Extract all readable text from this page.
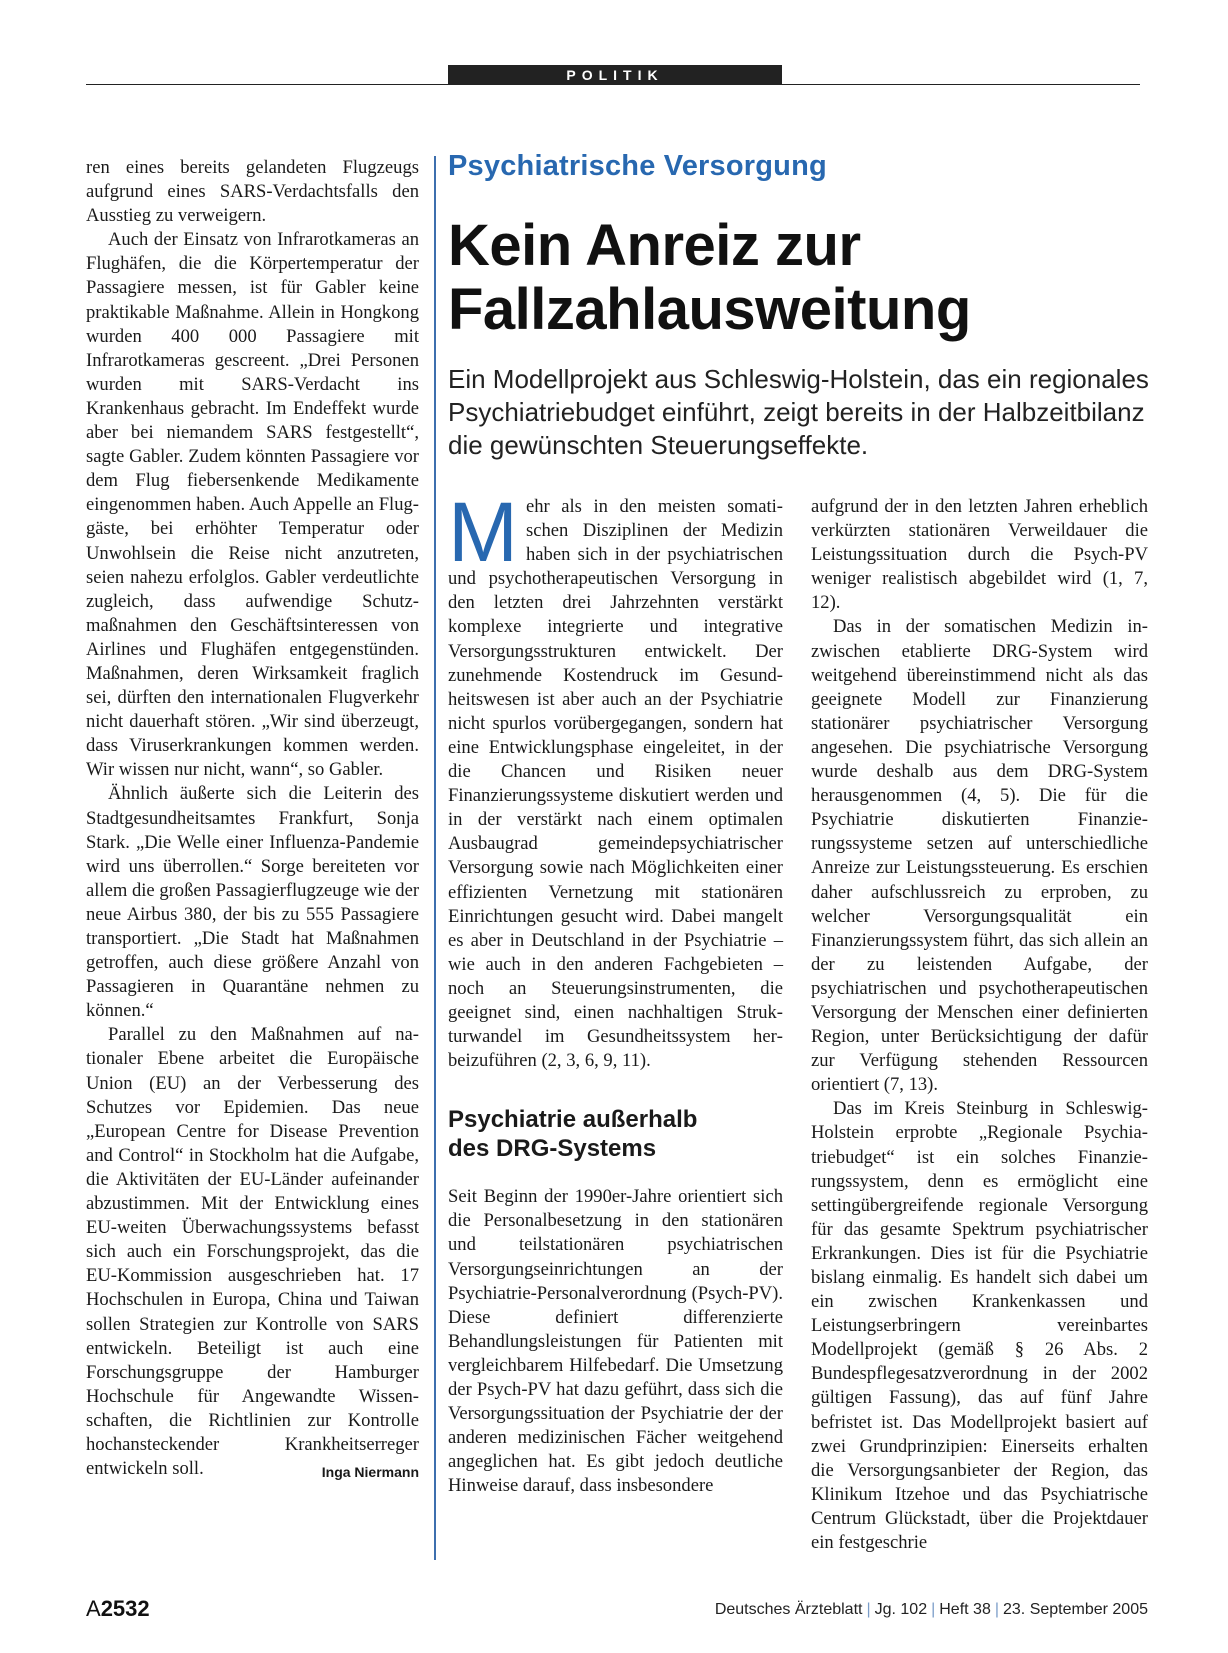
POLITIK

ren eines bereits gelandeten Flugzeugs aufgrund eines SARS-Verdachtsfalls den Ausstieg zu verweigern.

Auch der Einsatz von Infrarotkameras an Flughäfen, die die Körpertemperatur der Passagiere messen, ist für Gabler keine praktikable Maßnahme. Allein in Hongkong wurden 400 000 Passagiere mit Infrarotkameras gescreent. „Drei Personen wurden mit SARS-Verdacht ins Krankenhaus gebracht. Im Endeffekt wurde aber bei niemandem SARS festgestellt“, sagte Gabler. Zudem könnten Passagiere vor dem Flug fiebersenkende Medikamente eingenommen haben. Auch Appelle an Fluggäste, bei erhöhter Temperatur oder Unwohlsein die Reise nicht anzutreten, seien nahezu erfolglos. Gabler verdeutlichte zugleich, dass aufwendige Schutzmaßnahmen den Geschäftsinteressen von Airlines und Flughäfen entgegenstünden. Maßnahmen, deren Wirksamkeit fraglich sei, dürften den internationalen Flugverkehr nicht dauerhaft stören. „Wir sind überzeugt, dass Viruserkrankungen kommen werden. Wir wissen nur nicht, wann“, so Gabler.

Ähnlich äußerte sich die Leiterin des Stadtgesundheitsamtes Frankfurt, Sonja Stark. „Die Welle einer Influenza-Pandemie wird uns überrollen.“ Sorge bereiteten vor allem die großen Passagierflugzeuge wie der neue Airbus 380, der bis zu 555 Passagiere transportiert. „Die Stadt hat Maßnahmen getroffen, auch diese größere Anzahl von Passagieren in Quarantäne nehmen zu können.“

Parallel zu den Maßnahmen auf nationaler Ebene arbeitet die Europäische Union (EU) an der Verbesserung des Schutzes vor Epidemien. Das neue „European Centre for Disease Prevention and Control“ in Stockholm hat die Aufgabe, die Aktivitäten der EU-Länder aufeinander abzustimmen. Mit der Entwicklung eines EU-weiten Überwachungssystems befasst sich auch ein Forschungsprojekt, das die EU-Kommission ausgeschrieben hat. 17 Hochschulen in Europa, China und Taiwan sollen Strategien zur Kontrolle von SARS entwickeln. Beteiligt ist auch eine Forschungsgruppe der Hamburger Hochschule für Angewandte Wissenschaften, die Richtlinien zur Kontrolle hochansteckender Krankheitserreger entwickeln soll.	Inga Niermann

Psychiatrische Versorgung
Kein Anreiz zur
Fallzahlausweitung
Ein Modellprojekt aus Schleswig-Holstein, das ein regionales
Psychiatriebudget einführt, zeigt bereits in der Halbzeitbilanz
die gewünschten Steuerungseffekte.

Mehr als in den meisten somatischen Disziplinen der Medizin haben sich in der psychiatrischen und psychotherapeutischen Versorgung in den letzten drei Jahrzehnten verstärkt komplexe integrierte und integrative Versorgungsstrukturen entwickelt. Der zunehmende Kostendruck im Gesundheitswesen ist aber auch an der Psychiatrie nicht spurlos vorübergegangen, sondern hat eine Entwicklungsphase eingeleitet, in der die Chancen und Risiken neuer Finanzierungssysteme diskutiert werden und in der verstärkt nach einem optimalen Ausbaugrad gemeindepsychiatrischer Versorgung sowie nach Möglichkeiten einer effizienten Vernetzung mit stationären Einrichtungen gesucht wird. Dabei mangelt es aber in Deutschland in der Psychiatrie – wie auch in den anderen Fachgebieten – noch an Steuerungsinstrumenten, die geeignet sind, einen nachhaltigen Strukturwandel im Gesundheitssystem herbeizuführen (2, 3, 6, 9, 11).

Psychiatrie außerhalb
des DRG-Systems

Seit Beginn der 1990er-Jahre orientiert sich die Personalbesetzung in den stationären und teilstationären psychiatrischen Versorgungseinrichtungen an der Psychiatrie-Personalverordnung (Psych-PV). Diese definiert differenzierte Behandlungsleistungen für Patienten mit vergleichbarem Hilfebedarf. Die Umsetzung der Psych-PV hat dazu geführt, dass sich die Versorgungssituation der Psychiatrie der der anderen medizinischen Fächer weitgehend angeglichen hat. Es gibt jedoch deutliche Hinweise darauf, dass insbesondere

aufgrund der in den letzten Jahren erheblich verkürzten stationären Verweildauer die Leistungssituation durch die Psych-PV weniger realistisch abgebildet wird (1, 7, 12).

Das in der somatischen Medizin inzwischen etablierte DRG-System wird weitgehend übereinstimmend nicht als das geeignete Modell zur Finanzierung stationärer psychiatrischer Versorgung angesehen. Die psychiatrische Versorgung wurde deshalb aus dem DRG-System herausgenommen (4, 5). Die für die Psychiatrie diskutierten Finanzierungssysteme setzen auf unterschiedliche Anreize zur Leistungssteuerung. Es erschien daher aufschlussreich zu erproben, zu welcher Versorgungsqualität ein Finanzierungssystem führt, das sich allein an der zu leistenden Aufgabe, der psychiatrischen und psychotherapeutischen Versorgung der Menschen einer definierten Region, unter Berücksichtigung der dafür zur Verfügung stehenden Ressourcen orientiert (7, 13).

Das im Kreis Steinburg in Schleswig-Holstein erprobte „Regionale Psychiatriebudget“ ist ein solches Finanzierungssystem, denn es ermöglicht eine settingübergreifende regionale Versorgung für das gesamte Spektrum psychiatrischer Erkrankungen. Dies ist für die Psychiatrie bislang einmalig. Es handelt sich dabei um ein zwischen Krankenkassen und Leistungserbringern vereinbartes Modellprojekt (gemäß § 26 Abs. 2 Bundespflegesatzverordnung in der 2002 gültigen Fassung), das auf fünf Jahre befristet ist. Das Modellprojekt basiert auf zwei Grundprinzipien: Einerseits erhalten die Versorgungsanbieter der Region, das Klinikum Itzehoe und das Psychiatrische Centrum Glückstadt, über die Projektdauer ein festgeschrie

A2532	Deutsches Ärzteblatt | Jg. 102 | Heft 38 | 23. September 2005
